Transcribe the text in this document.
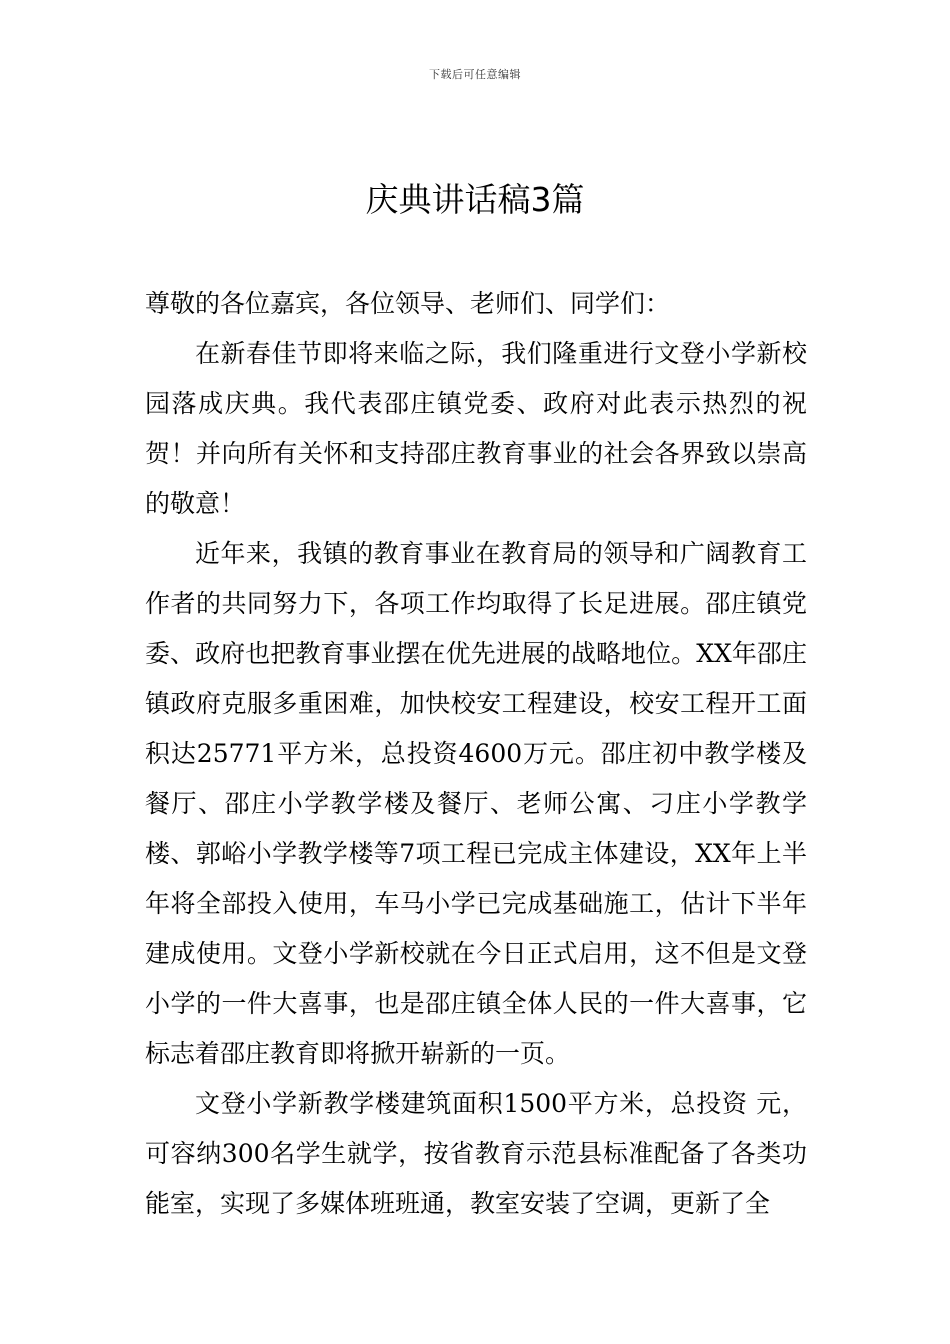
下载后可任意编辑
庆典讲话稿3篇

尊敬的各位嘉宾，各位领导、老师们、同学们：

在新春佳节即将来临之际，我们隆重进行文登小学新校园落成庆典。我代表邵庄镇党委、政府对此表示热烈的祝贺！并向所有关怀和支持邵庄教育事业的社会各界致以崇高的敬意！

近年来，我镇的教育事业在教育局的领导和广阔教育工作者的共同努力下，各项工作均取得了长足进展。邵庄镇党委、政府也把教育事业摆在优先进展的战略地位。XX年邵庄镇政府克服多重困难，加快校安工程建设，校安工程开工面积达25771平方米，总投资4600万元。邵庄初中教学楼及餐厅、邵庄小学教学楼及餐厅、老师公寓、刁庄小学教学楼、郭峪小学教学楼等7项工程已完成主体建设，XX年上半年将全部投入使用，车马小学已完成基础施工，估计下半年建成使用。文登小学新校就在今日正式启用，这不但是文登小学的一件大喜事，也是邵庄镇全体人民的一件大喜事，它标志着邵庄教育即将掀开崭新的一页。

文登小学新教学楼建筑面积1500平方米，总投资 元，可容纳300名学生就学，按省教育示范县标准配备了各类功能室，实现了多媒体班班通，教室安装了空调，更新了全
